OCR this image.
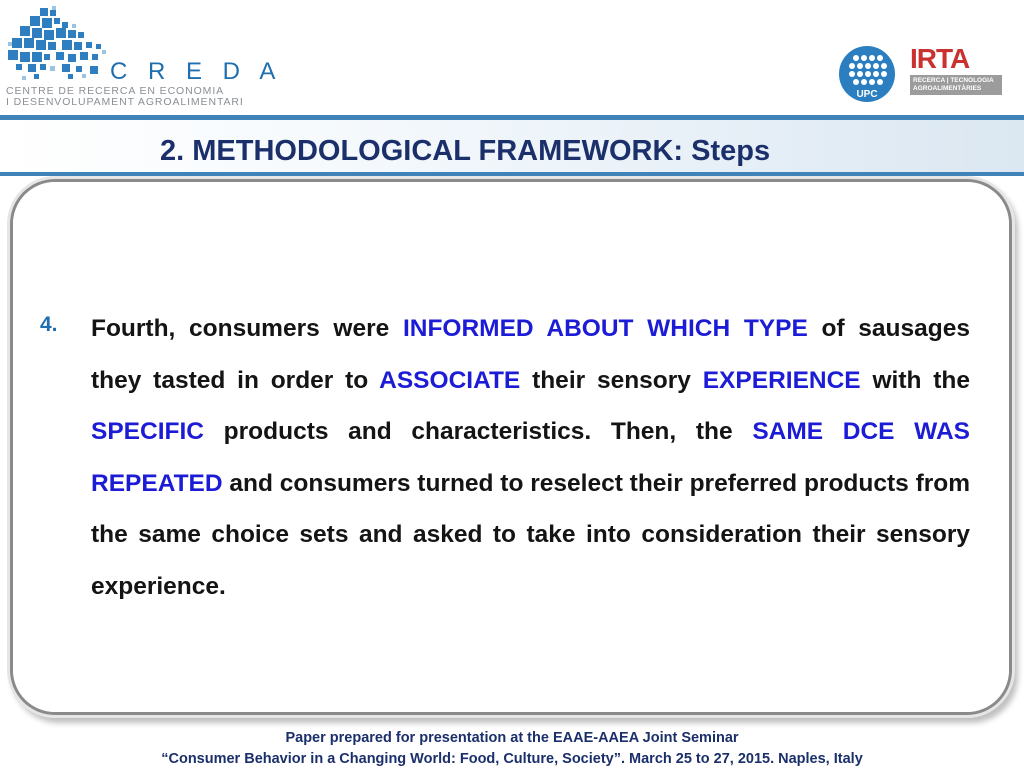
C R E D A
CENTRE DE RECERCA EN ECONOMIA
I DESENVOLUPAMENT AGROALIMENTARI
UPC
IRTA
RECERCA | TECNOLOGIA
AGROALIMENTÀRIES
2. METHODOLOGICAL FRAMEWORK: Steps
4. Fourth, consumers were INFORMED ABOUT WHICH TYPE of sausages they tasted in order to ASSOCIATE their sensory EXPERIENCE with the SPECIFIC products and characteristics. Then, the SAME DCE WAS REPEATED and consumers turned to reselect their preferred products from the same choice sets and asked to take into consideration their sensory experience.

Paper prepared for presentation at the EAAE-AAEA Joint Seminar
“Consumer Behavior in a Changing World: Food, Culture, Society”. March 25 to 27, 2015. Naples, Italy
